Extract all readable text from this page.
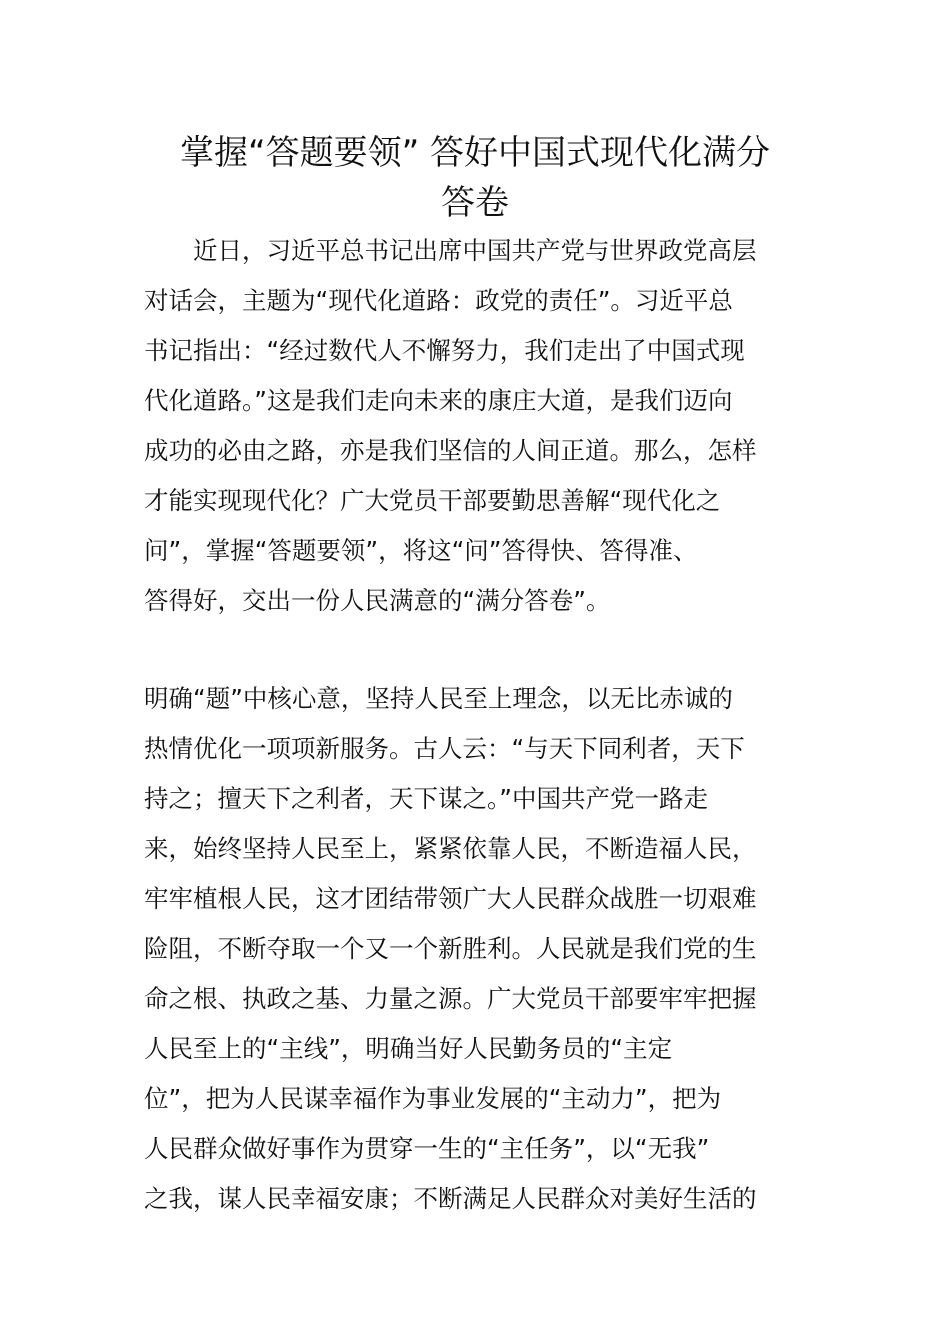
掌握“答题要领” 答好中国式现代化满分
答卷
　　近日，习近平总书记出席中国共产党与世界政党高层
对话会，主题为“现代化道路：政党的责任”。习近平总
书记指出：“经过数代人不懈努力，我们走出了中国式现
代化道路。”这是我们走向未来的康庄大道，是我们迈向
成功的必由之路，亦是我们坚信的人间正道。那么，怎样
才能实现现代化？广大党员干部要勤思善解“现代化之
问”，掌握“答题要领”，将这“问”答得快、答得准、
答得好，交出一份人民满意的“满分答卷”。
明确“题”中核心意，坚持人民至上理念，以无比赤诚的
热情优化一项项新服务。古人云：“与天下同利者，天下
持之；擅天下之利者，天下谋之。”中国共产党一路走
来，始终坚持人民至上，紧紧依靠人民，不断造福人民，
牢牢植根人民，这才团结带领广大人民群众战胜一切艰难
险阻，不断夺取一个又一个新胜利。人民就是我们党的生
命之根、执政之基、力量之源。广大党员干部要牢牢把握
人民至上的“主线”，明确当好人民勤务员的“主定
位”，把为人民谋幸福作为事业发展的“主动力”，把为
人民群众做好事作为贯穿一生的“主任务”，以“无我”
之我，谋人民幸福安康；不断满足人民群众对美好生活的
